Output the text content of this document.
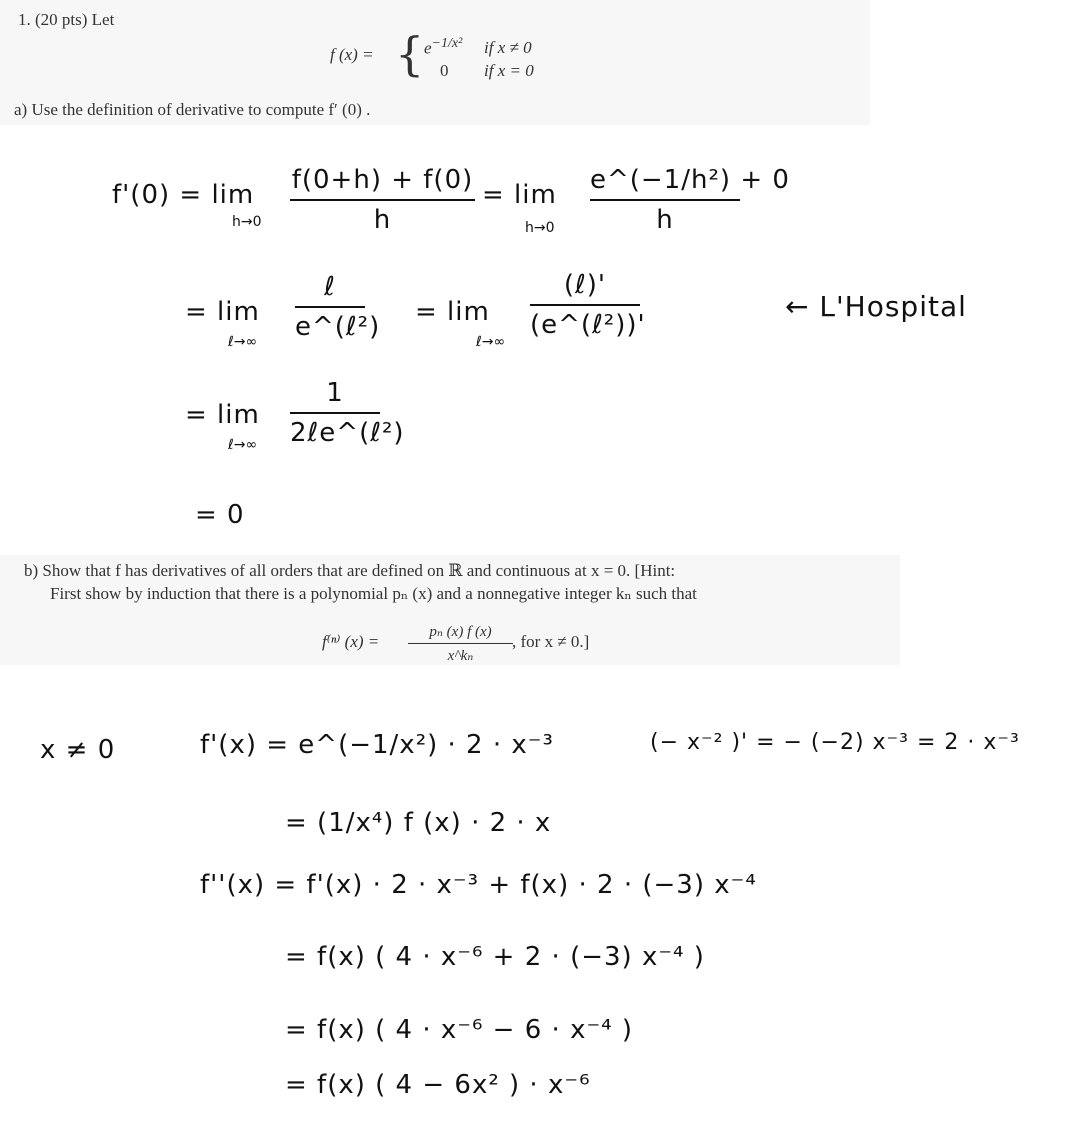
1. (20 pts) Let
f (x) = { $e^{-1/x^2}$ if x ≠ 0
0 if x = 0
a) Use the definition of derivative to compute f′ (0) .
f'(0) = lim
h→0
f(0+h) + f(0)
h
= lim
h→0
e^(−1/h²) + 0
h
= lim
ℓ→∞
ℓ
e^(ℓ²) = lim
ℓ→∞
(ℓ)'
(e^(ℓ²))'
← L'Hospital
= lim
ℓ→∞
1
2ℓe^(ℓ²)
= 0
b) Show that f has derivatives of all orders that are defined on ℝ and continuous at x = 0. [Hint:
First show by induction that there is a polynomial pₙ (x) and a nonnegative integer kₙ such that
f⁽ⁿ⁾ (x) =	pₙ (x) f (x)
x^kₙ
, for x ≠ 0.]
x ≠ 0	f'(x) = e^(−1/x²) · 2 · x⁻³	(− x⁻² )' = − (−2) x⁻³ = 2 · x⁻³
= (1/x⁴) f (x) · 2 · x
f''(x) = f'(x) · 2 · x⁻³ + f(x) · 2 · (−3) x⁻⁴
= f(x) ( 4 · x⁻⁶ + 2 · (−3) x⁻⁴ )
= f(x) ( 4 · x⁻⁶ − 6 · x⁻⁴ )
= f(x) ( 4 − 6x² ) · x⁻⁶
